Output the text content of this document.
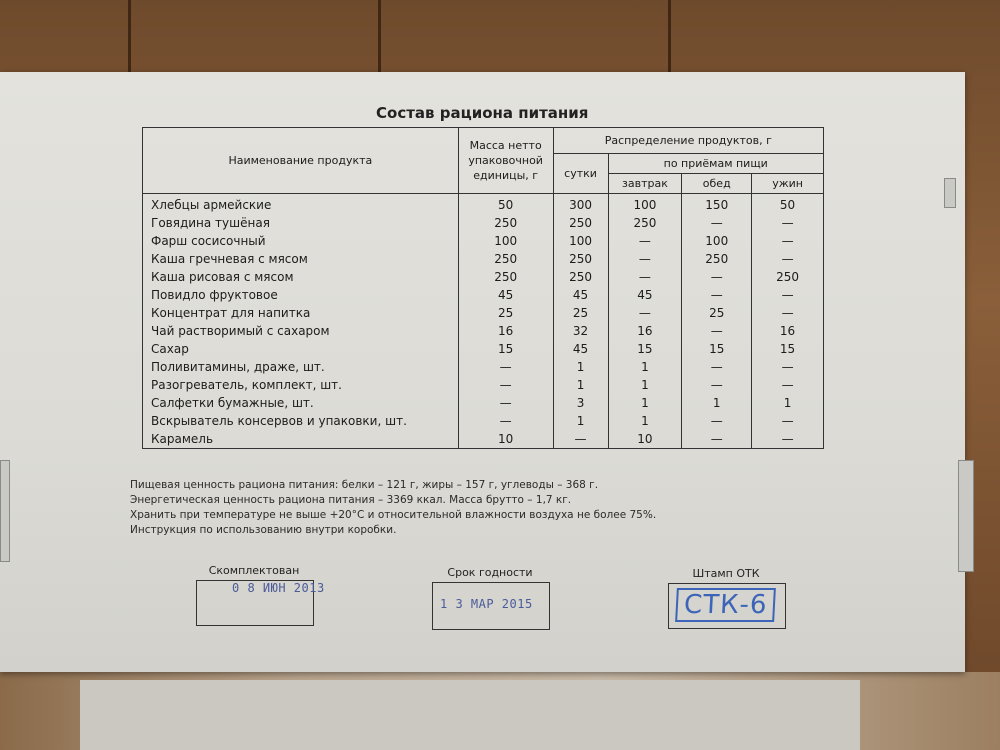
Состав рациона питания
Наименование продукта	Масса нетто упаковочной единицы, г	Распределение продуктов, г			
		сутки	по приёмам пищи		
			завтрак	обед	ужин
Хлебцы армейские	50	300	100	150	50
Говядина тушёная	250	250	250	—	—
Фарш сосисочный	100	100	—	100	—
Каша гречневая с мясом	250	250	—	250	—
Каша рисовая с мясом	250	250	—	—	250
Повидло фруктовое	45	45	45	—	—
Концентрат для напитка	25	25	—	25	—
Чай растворимый с сахаром	16	32	16	—	16
Сахар	15	45	15	15	15
Поливитамины, драже, шт.	—	1	1	—	—
Разогреватель, комплект, шт.	—	1	1	—	—
Салфетки бумажные, шт.	—	3	1	1	1
Вскрыватель консервов и упаковки, шт.	—	1	1	—	—
Карамель	10	—	10	—	—
Пищевая ценность рациона питания: белки – 121 г, жиры – 157 г, углеводы – 368 г.
Энергетическая ценность рациона питания – 3369 ккал. Масса брутто – 1,7 кг.
Хранить при температуре не выше +20°С и относительной влажности воздуха не более 75%.
Инструкция по использованию внутри коробки.
Скомплектован
0 8 ИЮН 2013
Срок годности
1 3 МАР 2015
Штамп ОТК
СТК-6
